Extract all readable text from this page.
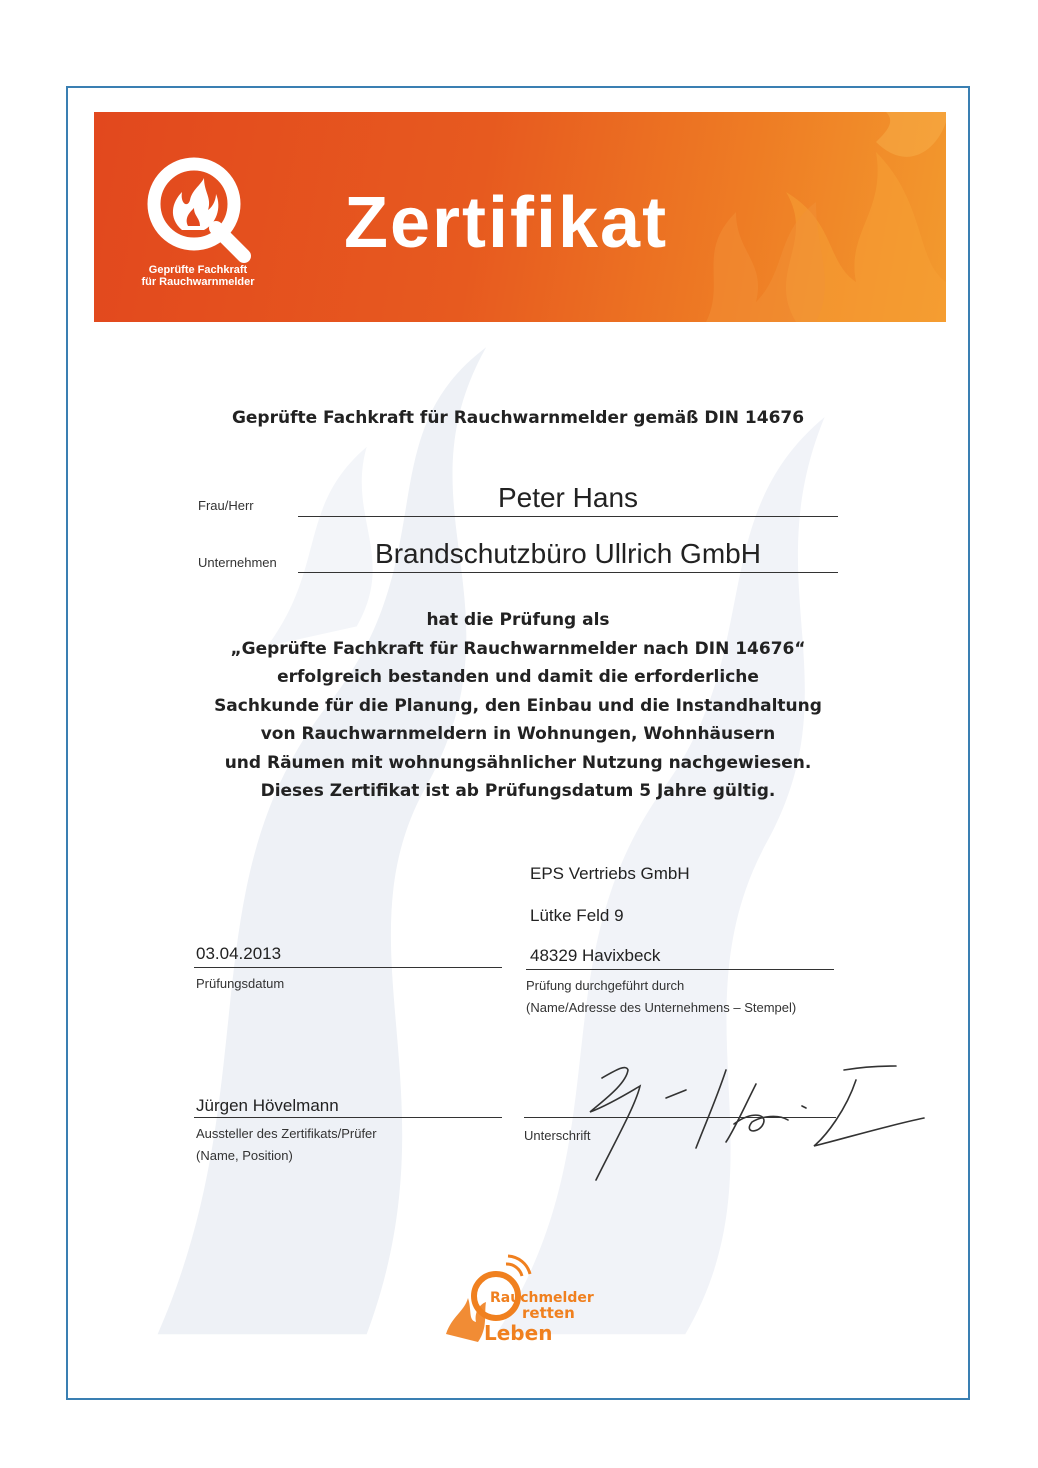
Geprüfte Fachkraft
für Rauchwarnmelder
Zertifikat
Geprüfte Fachkraft für Rauchwarnmelder gemäß DIN 14676
Frau/Herr	Peter Hans
Unternehmen	Brandschutzbüro Ullrich GmbH
hat die Prüfung als
„Geprüfte Fachkraft für Rauchwarnmelder nach DIN 14676“
erfolgreich bestanden und damit die erforderliche
Sachkunde für die Planung, den Einbau und die Instandhaltung
von Rauchwarnmeldern in Wohnungen, Wohnhäusern
und Räumen mit wohnungsähnlicher Nutzung nachgewiesen.
Dieses Zertifikat ist ab Prüfungsdatum 5 Jahre gültig.
EPS Vertriebs GmbH
Lütke Feld 9
48329 Havixbeck
Prüfung durchgeführt durch
(Name/Adresse des Unternehmens – Stempel)
03.04.2013
Prüfungsdatum
Jürgen Hövelmann
Aussteller des Zertifikats/Prüfer
(Name, Position)
Unterschrift
Rauchmelder
retten
Leben
